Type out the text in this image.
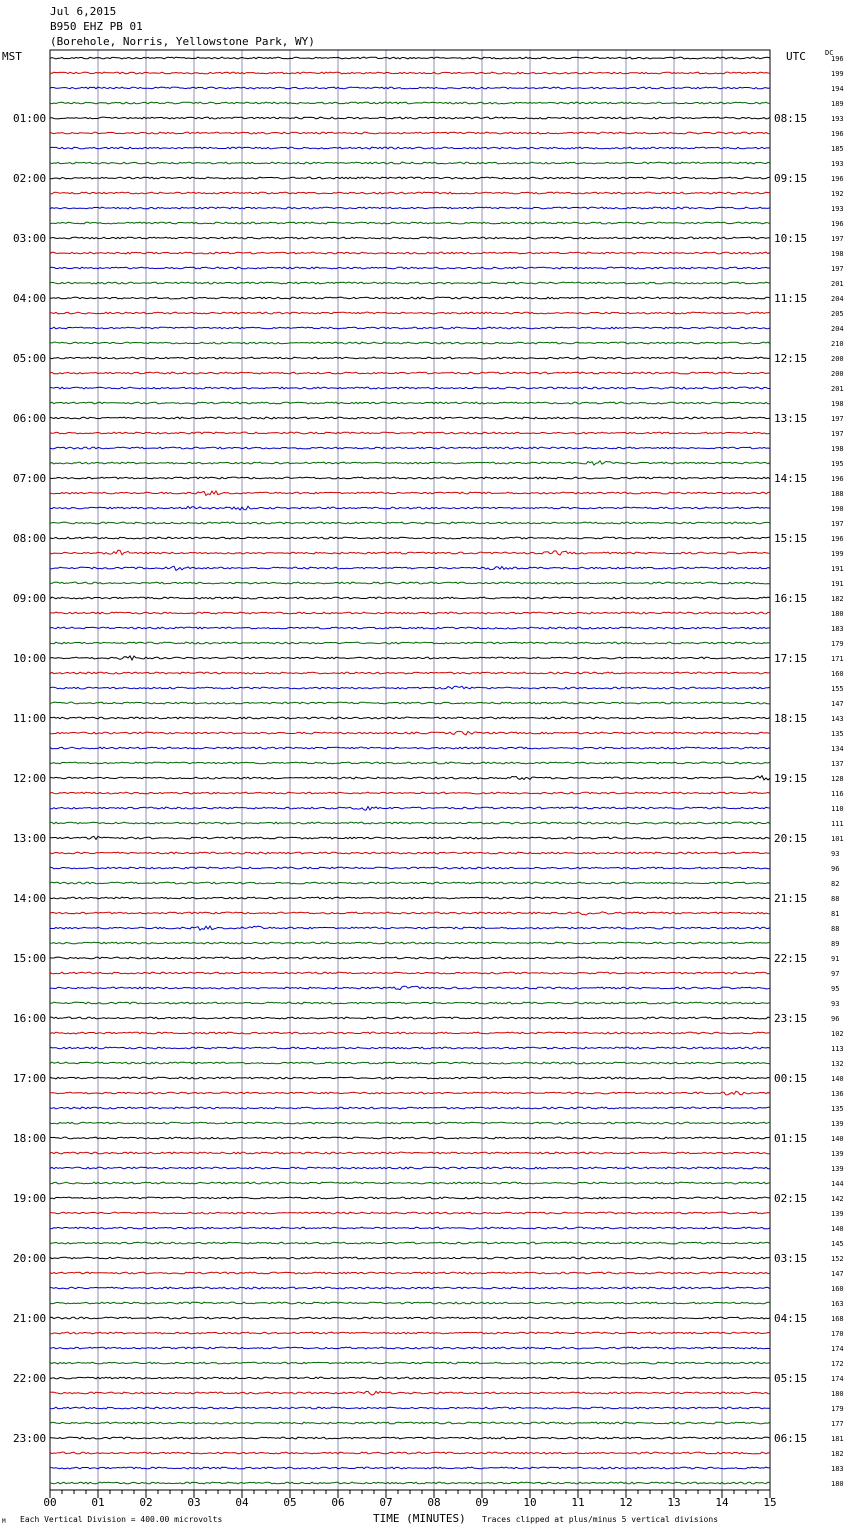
Jul 6,2015
B950 EHZ PB 01
(Borehole, Norris, Yellowstone Park, WY)
MST	UTC	DC
196
199
194
189
193
196
185
193
196
192
193
196
197
198
197
201
204
205
204
210
200
200
201
198
197
197
198
195
196
188
190
197
196
199
191
191
182
180
183
179
171
160
155
147
143
135
134
137
128
116
110
111
101
93
96
82
88
81
88
89
91
97
95
93
96
102
113
132
140
136
135
139
140
139
139
144
142
139
140
145
152
147
160
163
168
170
174
172
174
180
179
177
181
182
183
180
01:00	08:15
02:00	09:15
03:00	10:15
04:00	11:15
05:00	12:15
06:00	13:15
07:00	14:15
08:00	15:15
09:00	16:15
10:00	17:15
11:00	18:15
12:00	19:15
13:00	20:15
14:00	21:15
15:00	22:15
16:00	23:15
17:00	00:15
18:00	01:15
19:00	02:15
20:00	03:15
21:00	04:15
22:00	05:15
23:00	06:15
00	01	02	03	04	05	06	07	08	09	10	11	12	13	14	15
M Each Vertical Division = 400.00 microvolts	TIME (MINUTES) Traces clipped at plus/minus 5 vertical divisions
